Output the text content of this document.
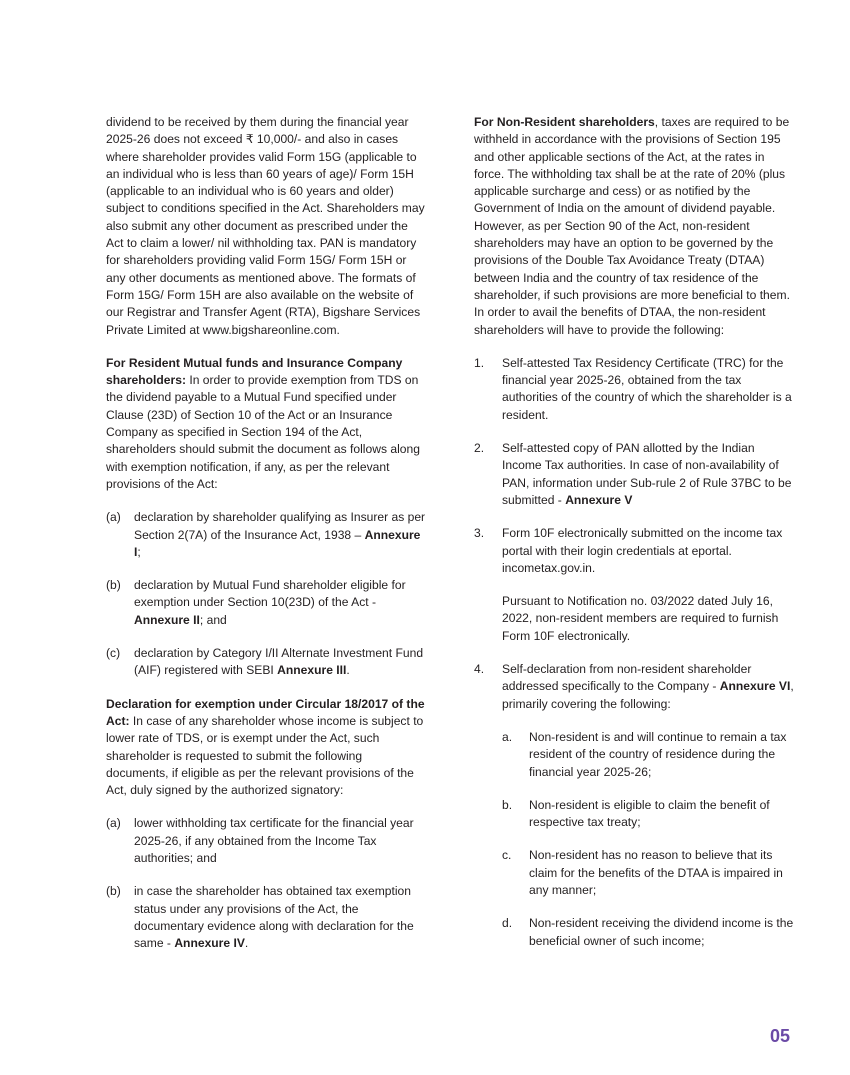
dividend to be received by them during the financial year 2025-26 does not exceed ₹ 10,000/- and also in cases where shareholder provides valid Form 15G (applicable to an individual who is less than 60 years of age)/ Form 15H (applicable to an individual who is 60 years and older) subject to conditions specified in the Act. Shareholders may also submit any other document as prescribed under the Act to claim a lower/ nil withholding tax. PAN is mandatory for shareholders providing valid Form 15G/ Form 15H or any other documents as mentioned above. The formats of Form 15G/ Form 15H are also available on the website of our Registrar and Transfer Agent (RTA), Bigshare Services Private Limited at www.bigshareonline.com.

For Resident Mutual funds and Insurance Company shareholders: In order to provide exemption from TDS on the dividend payable to a Mutual Fund specified under Clause (23D) of Section 10 of the Act or an Insurance Company as specified in Section 194 of the Act, shareholders should submit the document as follows along with exemption notification, if any, as per the relevant provisions of the Act:

(a) declaration by shareholder qualifying as Insurer as per Section 2(7A) of the Insurance Act, 1938 – Annexure I;
(b) declaration by Mutual Fund shareholder eligible for exemption under Section 10(23D) of the Act - Annexure II; and
(c) declaration by Category I/II Alternate Investment Fund (AIF) registered with SEBI Annexure III.

Declaration for exemption under Circular 18/2017 of the Act: In case of any shareholder whose income is subject to lower rate of TDS, or is exempt under the Act, such shareholder is requested to submit the following documents, if eligible as per the relevant provisions of the Act, duly signed by the authorized signatory:

(a) lower withholding tax certificate for the financial year 2025-26, if any obtained from the Income Tax authorities; and
(b) in case the shareholder has obtained tax exemption status under any provisions of the Act, the documentary evidence along with declaration for the same - Annexure IV.

For Non-Resident shareholders, taxes are required to be withheld in accordance with the provisions of Section 195 and other applicable sections of the Act, at the rates in force. The withholding tax shall be at the rate of 20% (plus applicable surcharge and cess) or as notified by the Government of India on the amount of dividend payable. However, as per Section 90 of the Act, non-resident shareholders may have an option to be governed by the provisions of the Double Tax Avoidance Treaty (DTAA) between India and the country of tax residence of the shareholder, if such provisions are more beneficial to them. In order to avail the benefits of DTAA, the non-resident shareholders will have to provide the following:

1. Self-attested Tax Residency Certificate (TRC) for the financial year 2025-26, obtained from the tax authorities of the country of which the shareholder is a resident.
2. Self-attested copy of PAN allotted by the Indian Income Tax authorities. In case of non-availability of PAN, information under Sub-rule 2 of Rule 37BC to be submitted - Annexure V
3. Form 10F electronically submitted on the income tax portal with their login credentials at eportal. incometax.gov.in.
Pursuant to Notification no. 03/2022 dated July 16, 2022, non-resident members are required to furnish Form 10F electronically.
4. Self-declaration from non-resident shareholder addressed specifically to the Company - Annexure VI, primarily covering the following:
a. Non-resident is and will continue to remain a tax resident of the country of residence during the financial year 2025-26;
b. Non-resident is eligible to claim the benefit of respective tax treaty;
c. Non-resident has no reason to believe that its claim for the benefits of the DTAA is impaired in any manner;
d. Non-resident receiving the dividend income is the beneficial owner of such income;
05
